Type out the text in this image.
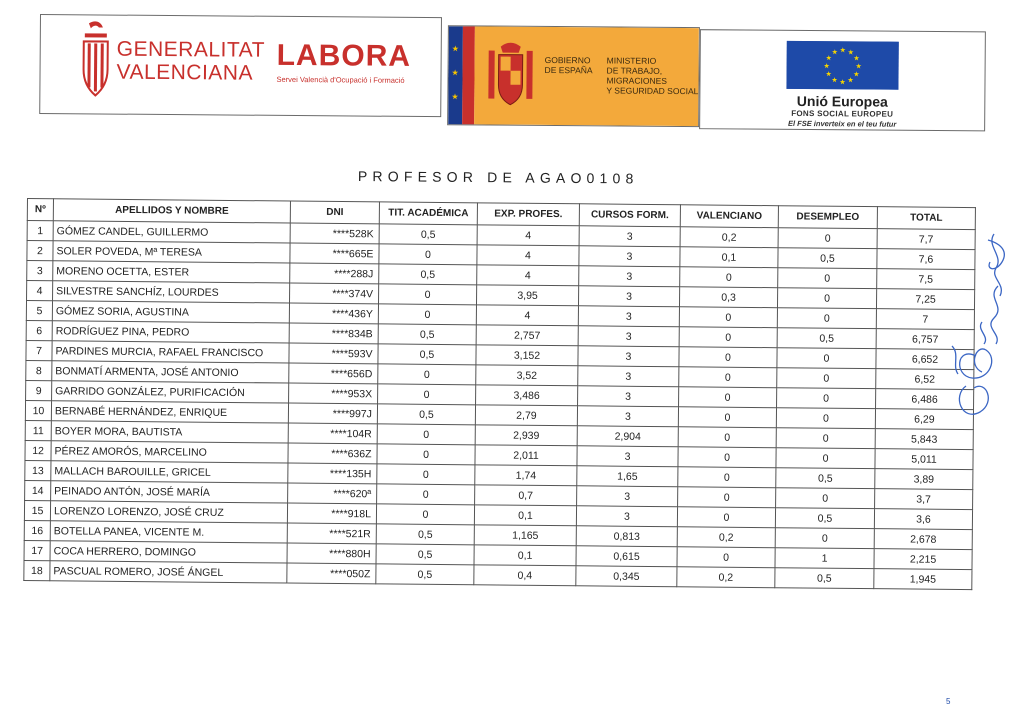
GENERALITAT
VALENCIANA LABORA
Servei Valencià d'Ocupació i Formació
★
★
★
GOBIERNO
DE ESPAÑA
MINISTERIO
DE TRABAJO, MIGRACIONES
Y SEGURIDAD SOCIAL
★
★
★
★
★
★
★
★
★ ★ ★
★
Unió Europea
FONS SOCIAL EUROPEU
El FSE inverteix en el teu futur
PROFESOR DE AGAO0108
Nº	APELLIDOS Y NOMBRE	DNI	TIT. ACADÉMICA	EXP. PROFES.	CURSOS FORM.	VALENCIANO	DESEMPLEO	TOTAL
1	GÓMEZ CANDEL, GUILLERMO	****528K	0,5	4	3	0,2	0	7,7
2	SOLER POVEDA, Mª TERESA	****665E	0	4	3	0,1	0,5	7,6
3	MORENO OCETTA, ESTER	****288J	0,5	4	3	0	0	7,5
4	SILVESTRE SANCHÍZ, LOURDES	****374V	0	3,95	3	0,3	0	7,25
5	GÓMEZ SORIA, AGUSTINA	****436Y	0	4	3	0	0	7
6	RODRÍGUEZ PINA, PEDRO	****834B	0,5	2,757	3	0	0,5	6,757
7	PARDINES MURCIA, RAFAEL FRANCISCO	****593V	0,5	3,152	3	0	0	6,652
8	BONMATÍ ARMENTA, JOSÉ ANTONIO	****656D	0	3,52	3	0	0	6,52
9	GARRIDO GONZÁLEZ, PURIFICACIÓN	****953X	0	3,486	3	0	0	6,486
10	BERNABÉ HERNÁNDEZ, ENRIQUE	****997J	0,5	2,79	3	0	0	6,29
11	BOYER MORA, BAUTISTA	****104R	0	2,939	2,904	0	0	5,843
12	PÉREZ AMORÓS, MARCELINO	****636Z	0	2,011	3	0	0	5,011
13	MALLACH BAROUILLE, GRICEL	****135H	0	1,74	1,65	0	0,5	3,89
14	PEINADO ANTÓN, JOSÉ MARÍA	****620ª	0	0,7	3	0	0	3,7
15	LORENZO LORENZO, JOSÉ CRUZ	****918L	0	0,1	3	0	0,5	3,6
16	BOTELLA PANEA, VICENTE M.	****521R	0,5	1,165	0,813	0,2	0	2,678
17	COCA HERRERO, DOMINGO	****880H	0,5	0,1	0,615	0	1	2,215
18	PASCUAL ROMERO, JOSÉ ÁNGEL	****050Z	0,5	0,4	0,345	0,2	0,5	1,945
5
